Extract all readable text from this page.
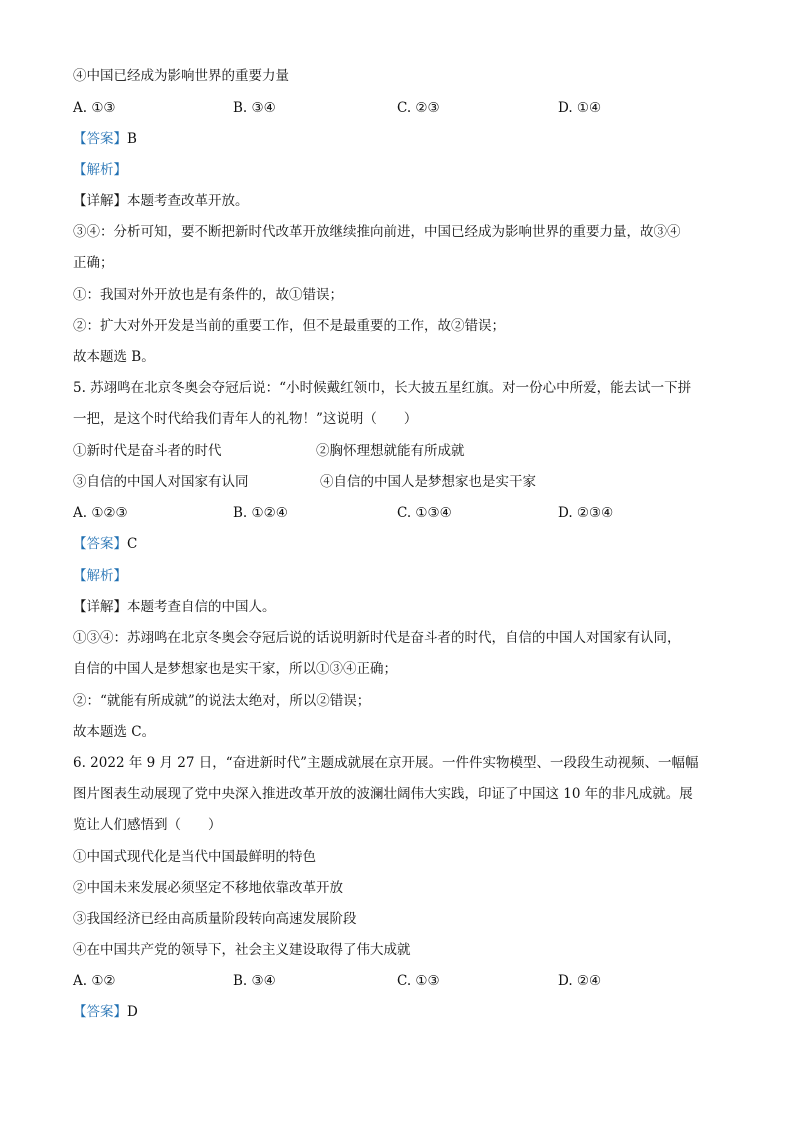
④中国已经成为影响世界的重要力量
A. ①③	B. ③④	C. ②③	D. ①④
【答案】B
【解析】
【详解】本题考查改革开放。
③④：分析可知，要不断把新时代改革开放继续推向前进，中国已经成为影响世界的重要力量，故③④
正确；
①：我国对外开放也是有条件的，故①错误；
②：扩大对外开发是当前的重要工作，但不是最重要的工作，故②错误；
故本题选 B。
5. 苏翊鸣在北京冬奥会夺冠后说：“小时候戴红领巾，长大披五星红旗。对一份心中所爱，能去试一下拼
一把，是这个时代给我们青年人的礼物！”这说明（　　）
①新时代是奋斗者的时代	②胸怀理想就能有所成就
③自信的中国人对国家有认同	④自信的中国人是梦想家也是实干家
A. ①②③	B. ①②④	C. ①③④	D. ②③④
【答案】C
【解析】
【详解】本题考查自信的中国人。
①③④：苏翊鸣在北京冬奥会夺冠后说的话说明新时代是奋斗者的时代，自信的中国人对国家有认同，
自信的中国人是梦想家也是实干家，所以①③④正确；
②：“就能有所成就”的说法太绝对，所以②错误；
故本题选 C。
6. 2022 年 9 月 27 日，“奋进新时代”主题成就展在京开展。一件件实物模型、一段段生动视频、一幅幅
图片图表生动展现了党中央深入推进改革开放的波澜壮阔伟大实践，印证了中国这 10 年的非凡成就。展
览让人们感悟到（　　）
①中国式现代化是当代中国最鲜明的特色
②中国未来发展必须坚定不移地依靠改革开放
③我国经济已经由高质量阶段转向高速发展阶段
④在中国共产党的领导下，社会主义建设取得了伟大成就
A. ①②	B. ③④	C. ①③	D. ②④
【答案】D
